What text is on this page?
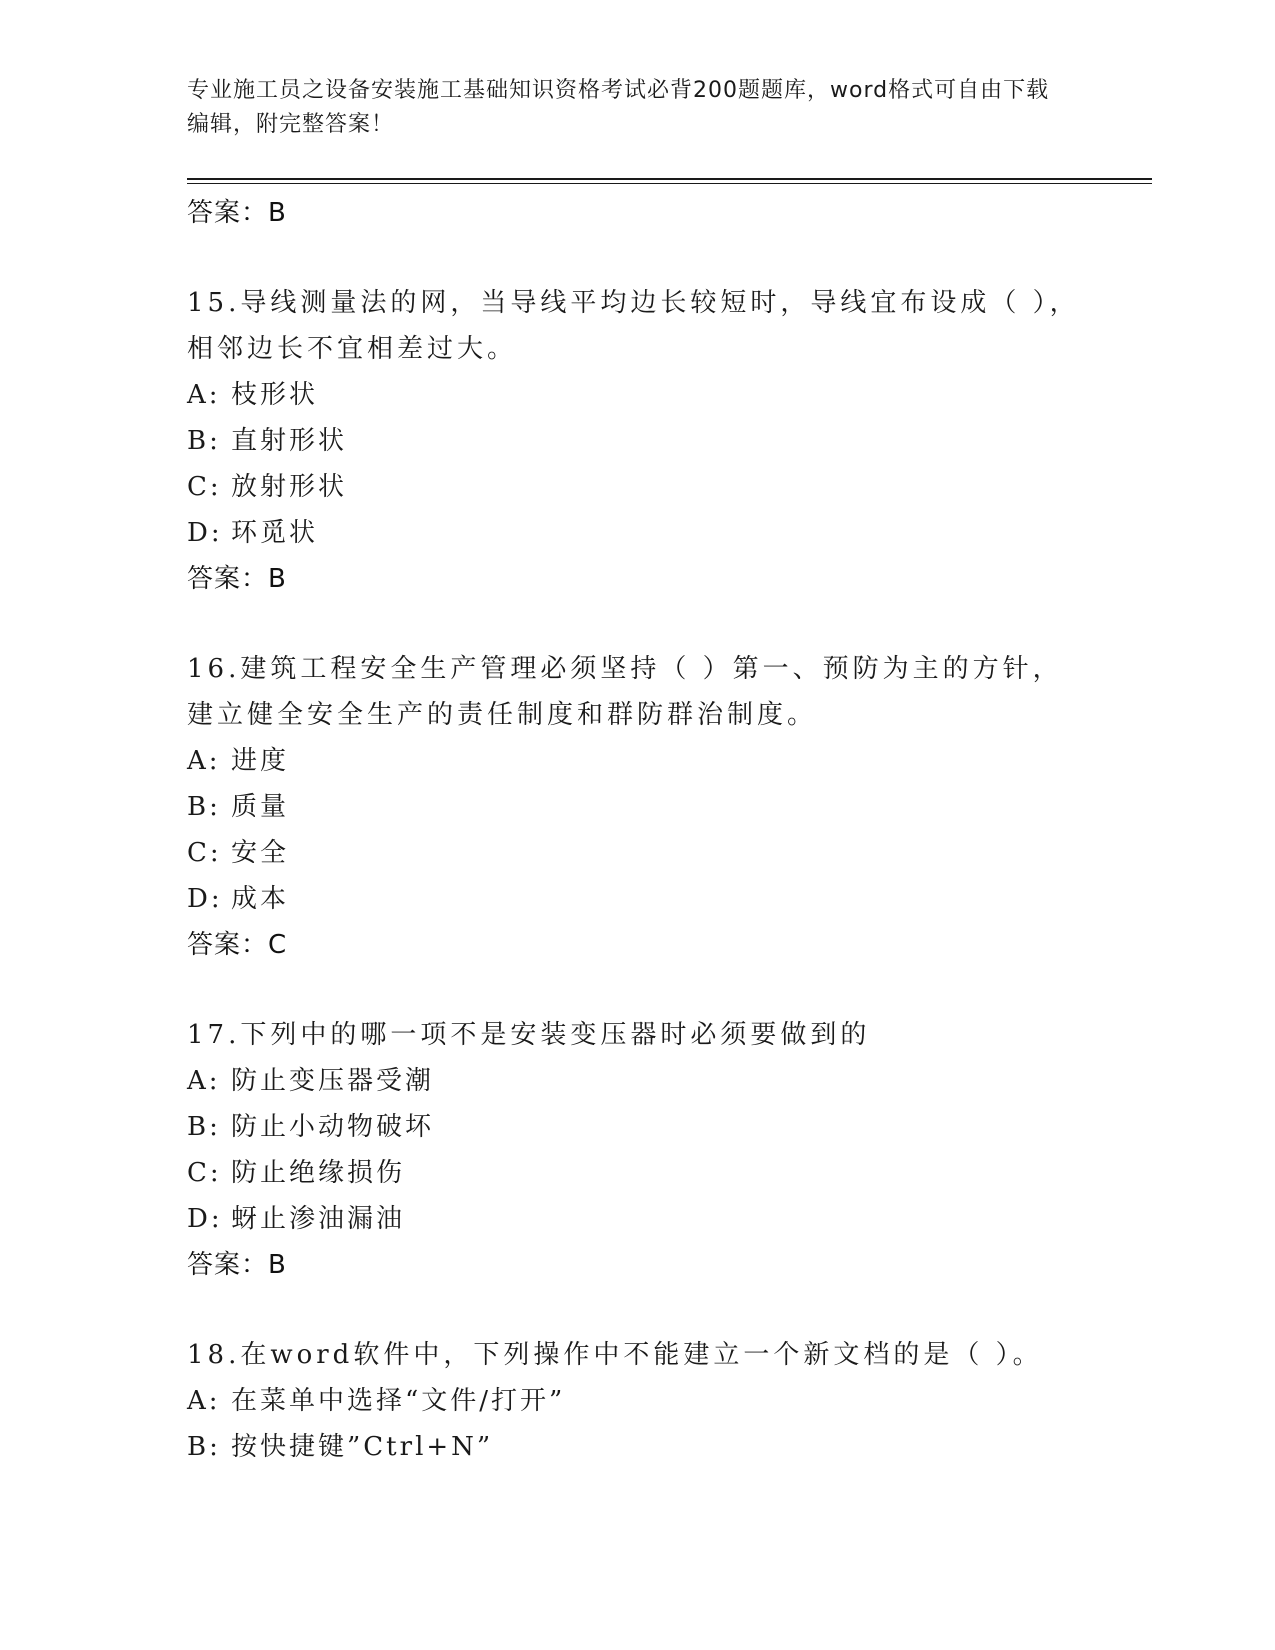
专业施工员之设备安装施工基础知识资格考试必背200题题库，word格式可自由下载编辑，附完整答案！
答案：B
15.导线测量法的网，当导线平均边长较短时，导线宜布设成（ ），相邻边长不宜相差过大。
A: 枝形状
B: 直射形状
C: 放射形状
D: 环觅状
答案：B
16.建筑工程安全生产管理必须坚持（ ）第一、预防为主的方针，建立健全安全生产的责任制度和群防群治制度。
A: 进度
B: 质量
C: 安全
D: 成本
答案：C
17.下列中的哪一项不是安装变压器时必须要做到的
A: 防止变压器受潮
B: 防止小动物破坏
C: 防止绝缘损伤
D: 蚜止渗油漏油
答案：B
18.在word软件中，下列操作中不能建立一个新文档的是（ ）。
A: 在菜单中选择“文件/打开”
B: 按快捷键”Ctrl+N”
